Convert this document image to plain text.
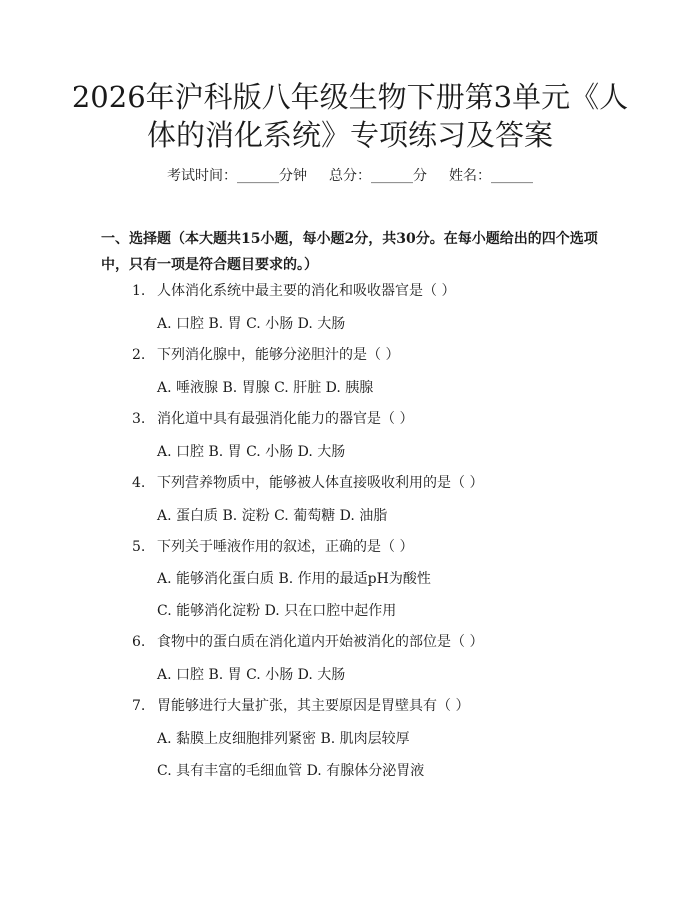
2026年沪科版八年级生物下册第3单元《人体的消化系统》专项练习及答案
考试时间：______分钟 总分：______分 姓名：______
一、选择题（本大题共15小题，每小题2分，共30分。在每小题给出的四个选项中，只有一项是符合题目要求的。）
1. 人体消化系统中最主要的消化和吸收器官是（ ）
A. 口腔 B. 胃 C. 小肠 D. 大肠
2. 下列消化腺中，能够分泌胆汁的是（ ）
A. 唾液腺 B. 胃腺 C. 肝脏 D. 胰腺
3. 消化道中具有最强消化能力的器官是（ ）
A. 口腔 B. 胃 C. 小肠 D. 大肠
4. 下列营养物质中，能够被人体直接吸收利用的是（ ）
A. 蛋白质 B. 淀粉 C. 葡萄糖 D. 油脂
5. 下列关于唾液作用的叙述，正确的是（ ）
A. 能够消化蛋白质 B. 作用的最适pH为酸性
C. 能够消化淀粉 D. 只在口腔中起作用
6. 食物中的蛋白质在消化道内开始被消化的部位是（ ）
A. 口腔 B. 胃 C. 小肠 D. 大肠
7. 胃能够进行大量扩张，其主要原因是胃壁具有（ ）
A. 黏膜上皮细胞排列紧密 B. 肌肉层较厚
C. 具有丰富的毛细血管 D. 有腺体分泌胃液
